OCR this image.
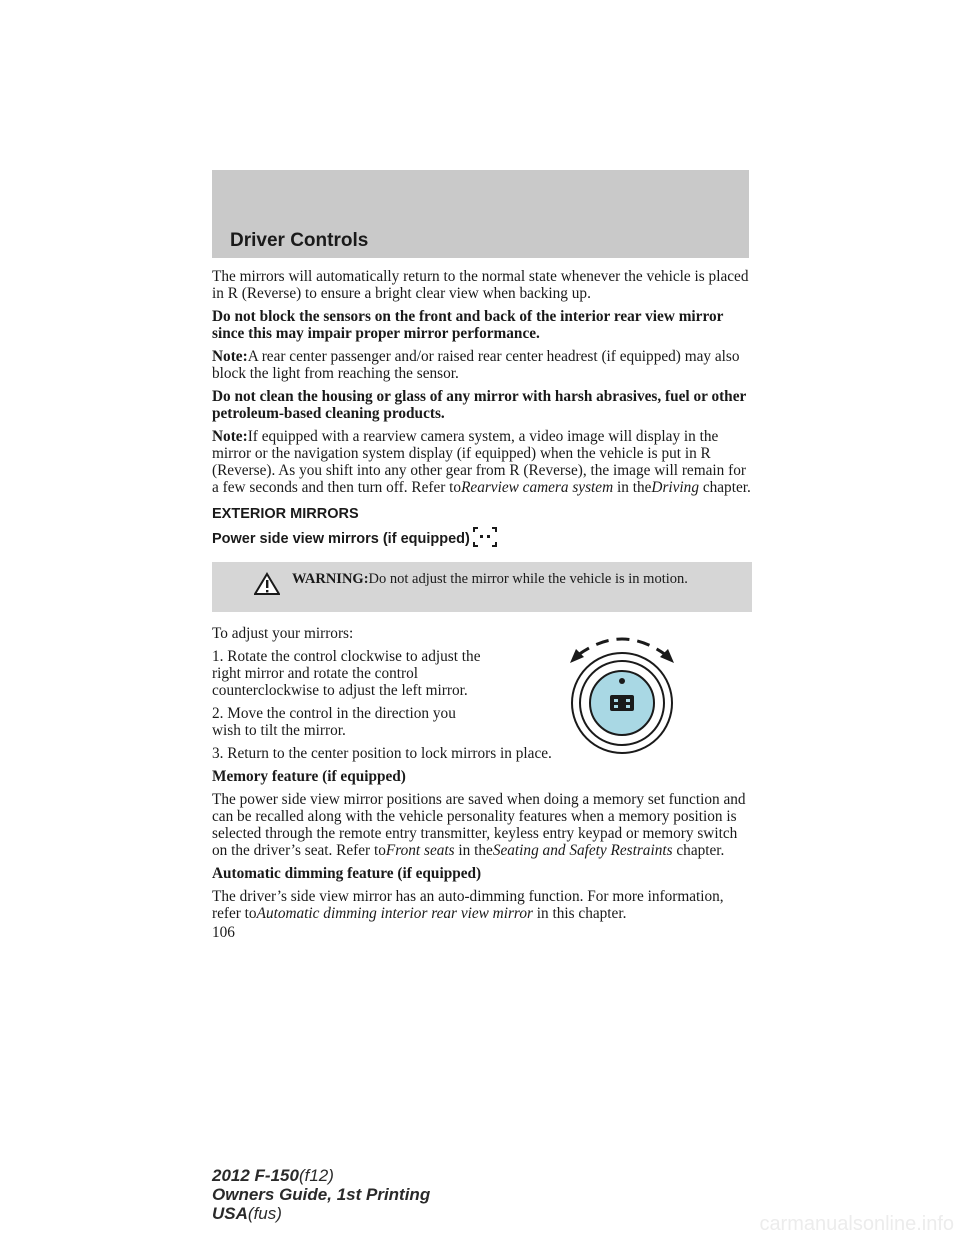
Driver Controls

The mirrors will automatically return to the normal state whenever the vehicle is placed in R (Reverse) to ensure a bright clear view when backing up.

Do not block the sensors on the front and back of the interior rear view mirror since this may impair proper mirror performance.

Note:A rear center passenger and/or raised rear center headrest (if equipped) may also block the light from reaching the sensor.

Do not clean the housing or glass of any mirror with harsh abrasives, fuel or other petroleum-based cleaning products.

Note:If equipped with a rearview camera system, a video image will display in the mirror or the navigation system display (if equipped) when the vehicle is put in R (Reverse). As you shift into any other gear from R (Reverse), the image will remain for a few seconds and then turn off. Refer toRearview camera system in theDriving chapter.

EXTERIOR MIRRORS
Power side view mirrors (if equipped)
WARNING:Do not adjust the mirror while the vehicle is in motion.

To adjust your mirrors:

1. Rotate the control clockwise to adjust the right mirror and rotate the control counterclockwise to adjust the left mirror.

2. Move the control in the direction you wish to tilt the mirror.

3. Return to the center position to lock mirrors in place.

Memory feature (if equipped)

The power side view mirror positions are saved when doing a memory set function and can be recalled along with the vehicle personality features when a memory position is selected through the remote entry transmitter, keyless entry keypad or memory switch on the driver’s seat. Refer toFront seats in theSeating and Safety Restraints chapter.

Automatic dimming feature (if equipped)

The driver’s side view mirror has an auto-dimming function. For more information, refer toAutomatic dimming interior rear view mirror in this chapter.

106
2012 F-150(f12)
Owners Guide, 1st Printing
USA(fus)	carmanualsonline.info
